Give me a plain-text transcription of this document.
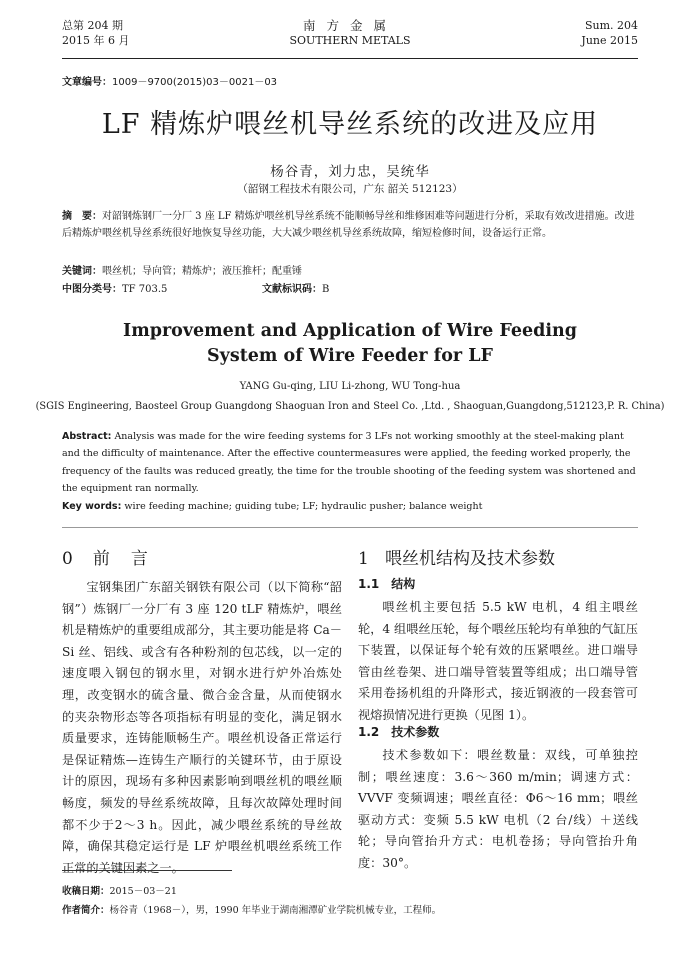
总第 204 期
2015 年 6 月
南方金属
SOUTHERN METALS
Sum. 204
June 2015
文章编号：1009－9700(2015)03－0021－03
LF 精炼炉喂丝机导丝系统的改进及应用
杨谷青，刘力忠，吴统华
（韶钢工程技术有限公司，广东 韶关 512123）
摘　要：对韶钢炼钢厂一分厂 3 座 LF 精炼炉喂丝机导丝系统不能顺畅导丝和维修困难等问题进行分析，采取有效改进措施。改进后精炼炉喂丝机导丝系统很好地恢复导丝功能，大大减少喂丝机导丝系统故障，缩短检修时间，设备运行正常。
关键词：喂丝机；导向管；精炼炉；液压推杆；配重锤
中图分类号：TF 703.5	文献标识码：B
Improvement and Application of Wire Feeding
System of Wire Feeder for LF
YANG Gu-qing, LIU Li-zhong, WU Tong-hua
(SGIS Engineering, Baosteel Group Guangdong Shaoguan Iron and Steel Co. ,Ltd. , Shaoguan,Guangdong,512123,P. R. China)
Abstract: Analysis was made for the wire feeding systems for 3 LFs not working smoothly at the steel-making plant and the difficulty of maintenance. After the effective countermeasures were applied, the feeding worked properly, the frequency of the faults was reduced greatly, the time for the trouble shooting of the feeding system was shortened and the equipment ran normally.
Key words: wire feeding machine; guiding tube; LF; hydraulic pusher; balance weight
0 前　言
宝钢集团广东韶关钢铁有限公司（以下简称“韶钢”）炼钢厂一分厂有 3 座 120 tLF 精炼炉，喂丝机是精炼炉的重要组成部分，其主要功能是将 Ca－Si 丝、铝线、或含有各种粉剂的包芯线，以一定的速度喂入钢包的钢水里，对钢水进行炉外冶炼处理，改变钢水的硫含量、微合金含量，从而使钢水的夹杂物形态等各项指标有明显的变化，满足钢水质量要求，连铸能顺畅生产。喂丝机设备正常运行是保证精炼—连铸生产顺行的关键环节，由于原设计的原因，现场有多种因素影响到喂丝机的喂丝顺畅度，频发的导丝系统故障，且每次故障处理时间都不少于2～3 h。因此，减少喂丝系统的导丝故障，确保其稳定运行是 LF 炉喂丝机喂丝系统工作正常的关键因素之一。
1 喂丝机结构及技术参数
1.1 结构
喂丝机主要包括 5.5 kW 电机，4 组主喂丝轮，4 组喂丝压轮，每个喂丝压轮均有单独的气缸压下装置，以保证每个轮有效的压紧喂丝。进口端导管由丝卷架、进口端导管装置等组成；出口端导管采用卷扬机组的升降形式，接近钢液的一段套管可视熔损情况进行更换（见图 1）。
1.2 技术参数
技术参数如下：喂丝数量：双线，可单独控制；喂丝速度：3.6～360 m/min；调速方式：VVVF 变频调速；喂丝直径：Φ6～16 mm；喂丝驱动方式：变频 5.5 kW 电机（2 台/线）＋送线轮；导向管抬升方式：电机卷扬；导向管抬升角度：30°。
收稿日期：2015－03－21
作者简介：杨谷青（1968－），男，1990 年毕业于湖南湘潭矿业学院机械专业，工程师。
